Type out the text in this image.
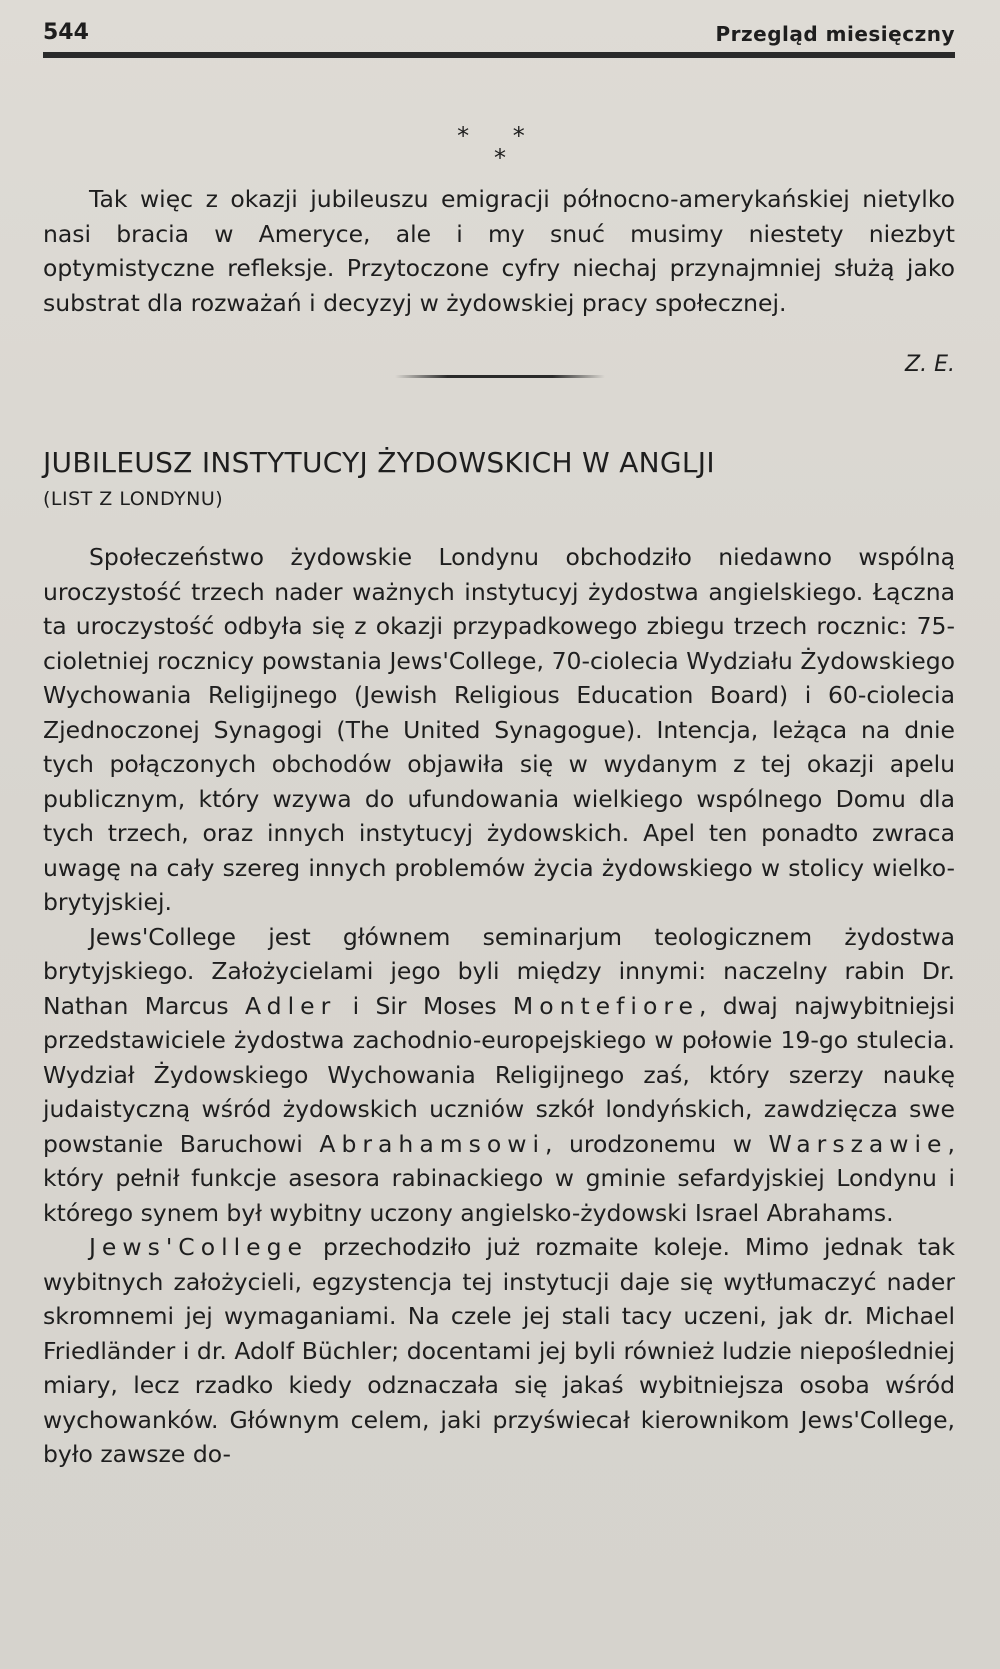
544	Przegląd miesięczny
* *
*

Tak więc z okazji jubileuszu emigracji północno-amerykańskiej nietylko nasi bracia w Ameryce, ale i my snuć musimy niestety niezbyt optymistyczne refleksje. Przytoczone cyfry niechaj przynajmniej służą jako substrat dla rozważań i decyzyj w żydowskiej pracy społecznej.

Z. E.
JUBILEUSZ INSTYTUCYJ ŻYDOWSKICH W ANGLJI
(LIST Z LONDYNU)

Społeczeństwo żydowskie Londynu obchodziło niedawno wspólną uroczystość trzech nader ważnych instytucyj żydostwa angielskiego. Łączna ta uroczystość odbyła się z okazji przypadkowego zbiegu trzech rocznic: 75-cioletniej rocznicy powstania Jews'College, 70-ciolecia Wydziału Żydowskiego Wychowania Religijnego (Jewish Religious Education Board) i 60-ciolecia Zjednoczonej Synagogi (The United Synagogue). Intencja, leżąca na dnie tych połączonych obchodów objawiła się w wydanym z tej okazji apelu publicznym, który wzywa do ufundowania wielkiego wspólnego Domu dla tych trzech, oraz innych instytucyj żydowskich. Apel ten ponadto zwraca uwagę na cały szereg innych problemów życia żydowskiego w stolicy wielko-brytyjskiej.

Jews'College jest głównem seminarjum teologicznem żydostwa brytyjskiego. Założycielami jego byli między innymi: naczelny rabin Dr. Nathan Marcus Adler i Sir Moses Montefiore, dwaj najwybitniejsi przedstawiciele żydostwa zachodnio-europejskiego w połowie 19-go stulecia. Wydział Żydowskiego Wychowania Religijnego zaś, który szerzy naukę judaistyczną wśród żydowskich uczniów szkół londyńskich, zawdzięcza swe powstanie Baruchowi Abrahamsowi, urodzonemu w Warszawie, który pełnił funkcje asesora rabinackiego w gminie sefardyjskiej Londynu i którego synem był wybitny uczony angielsko-żydowski Israel Abrahams.

Jews'College przechodziło już rozmaite koleje. Mimo jednak tak wybitnych założycieli, egzystencja tej instytucji daje się wytłumaczyć nader skromnemi jej wymaganiami. Na czele jej stali tacy uczeni, jak dr. Michael Friedländer i dr. Adolf Büchler; docentami jej byli również ludzie niepośledniej miary, lecz rzadko kiedy odznaczała się jakaś wybitniejsza osoba wśród wychowanków. Głównym celem, jaki przyświecał kierownikom Jews'College, było zawsze do-
